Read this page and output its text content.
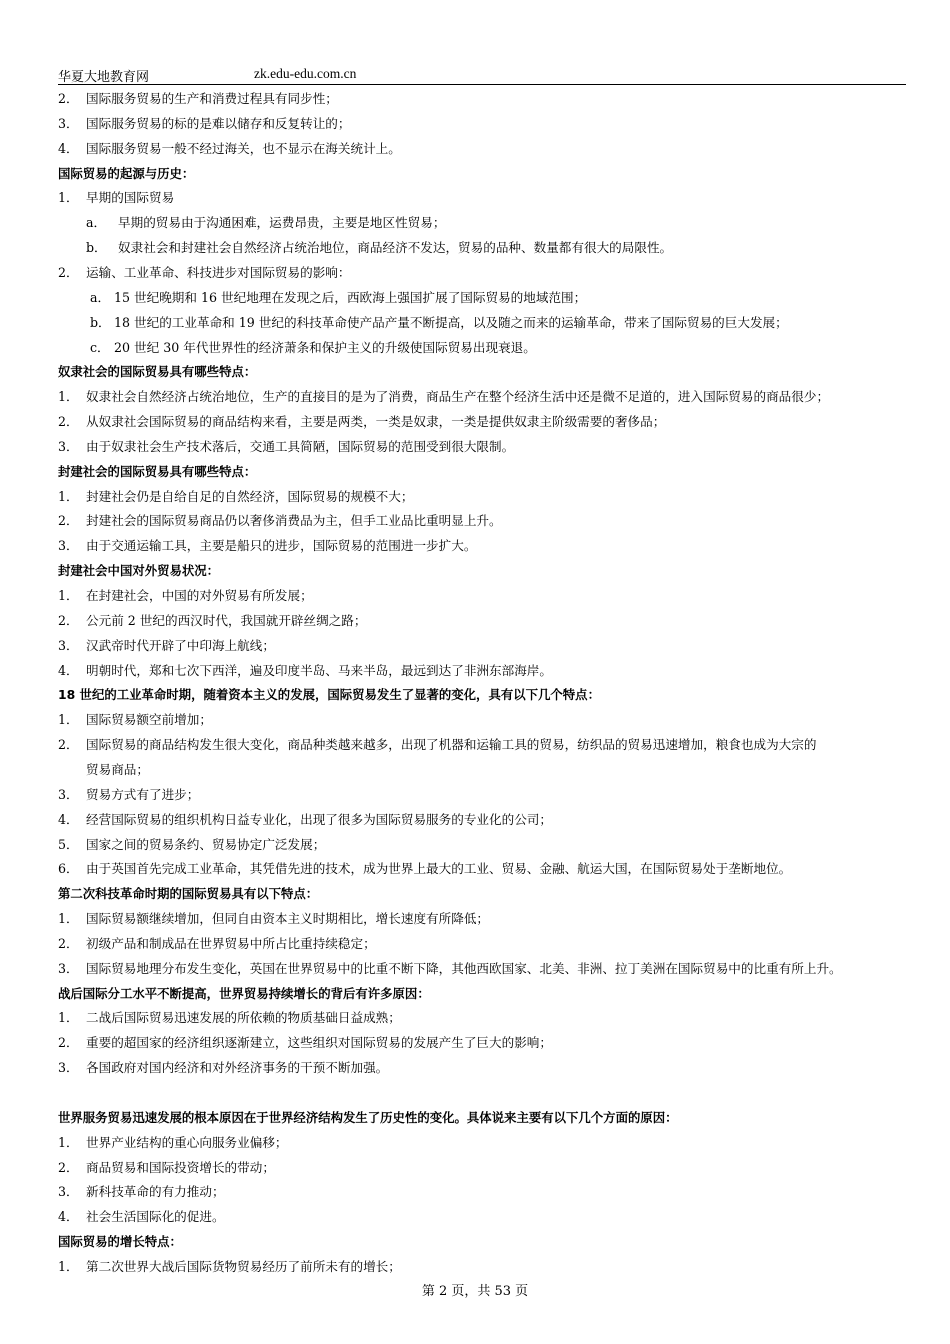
华夏大地教育网	zk.edu-edu.com.cn
2． 国际服务贸易的生产和消费过程具有同步性；
3． 国际服务贸易的标的是难以储存和反复转让的；
4． 国际服务贸易一般不经过海关，也不显示在海关统计上。
国际贸易的起源与历史：
1． 早期的国际贸易
a． 早期的贸易由于沟通困难，运费昂贵，主要是地区性贸易；
b． 奴隶社会和封建社会自然经济占统治地位，商品经济不发达，贸易的品种、数量都有很大的局限性。
2． 运输、工业革命、科技进步对国际贸易的影响：
a． 15 世纪晚期和 16 世纪地理在发现之后，西欧海上强国扩展了国际贸易的地域范围；
b． 18 世纪的工业革命和 19 世纪的科技革命使产品产量不断提高，以及随之而来的运输革命，带来了国际贸易的巨大发展；
c． 20 世纪 30 年代世界性的经济萧条和保护主义的升级使国际贸易出现衰退。
奴隶社会的国际贸易具有哪些特点：
1． 奴隶社会自然经济占统治地位，生产的直接目的是为了消费，商品生产在整个经济生活中还是微不足道的，进入国际贸易的商品很少；
2． 从奴隶社会国际贸易的商品结构来看，主要是两类，一类是奴隶，一类是提供奴隶主阶级需要的奢侈品；
3． 由于奴隶社会生产技术落后，交通工具简陋，国际贸易的范围受到很大限制。
封建社会的国际贸易具有哪些特点：
1． 封建社会仍是自给自足的自然经济，国际贸易的规模不大；
2． 封建社会的国际贸易商品仍以奢侈消费品为主，但手工业品比重明显上升。
3． 由于交通运输工具，主要是船只的进步，国际贸易的范围进一步扩大。
封建社会中国对外贸易状况：
1． 在封建社会，中国的对外贸易有所发展；
2． 公元前 2 世纪的西汉时代，我国就开辟丝绸之路；
3． 汉武帝时代开辟了中印海上航线；
4． 明朝时代，郑和七次下西洋，遍及印度半岛、马来半岛，最远到达了非洲东部海岸。
18 世纪的工业革命时期，随着资本主义的发展，国际贸易发生了显著的变化，具有以下几个特点：
1． 国际贸易额空前增加；
2． 国际贸易的商品结构发生很大变化，商品种类越来越多，出现了机器和运输工具的贸易，纺织品的贸易迅速增加，粮食也成为大宗的
贸易商品；
3． 贸易方式有了进步；
4． 经营国际贸易的组织机构日益专业化，出现了很多为国际贸易服务的专业化的公司；
5． 国家之间的贸易条约、贸易协定广泛发展；
6． 由于英国首先完成工业革命，其凭借先进的技术，成为世界上最大的工业、贸易、金融、航运大国，在国际贸易处于垄断地位。
第二次科技革命时期的国际贸易具有以下特点：
1． 国际贸易额继续增加，但同自由资本主义时期相比，增长速度有所降低；
2． 初级产品和制成品在世界贸易中所占比重持续稳定；
3． 国际贸易地理分布发生变化，英国在世界贸易中的比重不断下降，其他西欧国家、北美、非洲、拉丁美洲在国际贸易中的比重有所上升。
战后国际分工水平不断提高，世界贸易持续增长的背后有许多原因：
1． 二战后国际贸易迅速发展的所依赖的物质基础日益成熟；
2． 重要的超国家的经济组织逐渐建立，这些组织对国际贸易的发展产生了巨大的影响；
3． 各国政府对国内经济和对外经济事务的干预不断加强。
世界服务贸易迅速发展的根本原因在于世界经济结构发生了历史性的变化。具体说来主要有以下几个方面的原因：
1． 世界产业结构的重心向服务业偏移；
2． 商品贸易和国际投资增长的带动；
3． 新科技革命的有力推动；
4． 社会生活国际化的促进。
国际贸易的增长特点：
1． 第二次世界大战后国际货物贸易经历了前所未有的增长；
第 2 页，共 53 页
